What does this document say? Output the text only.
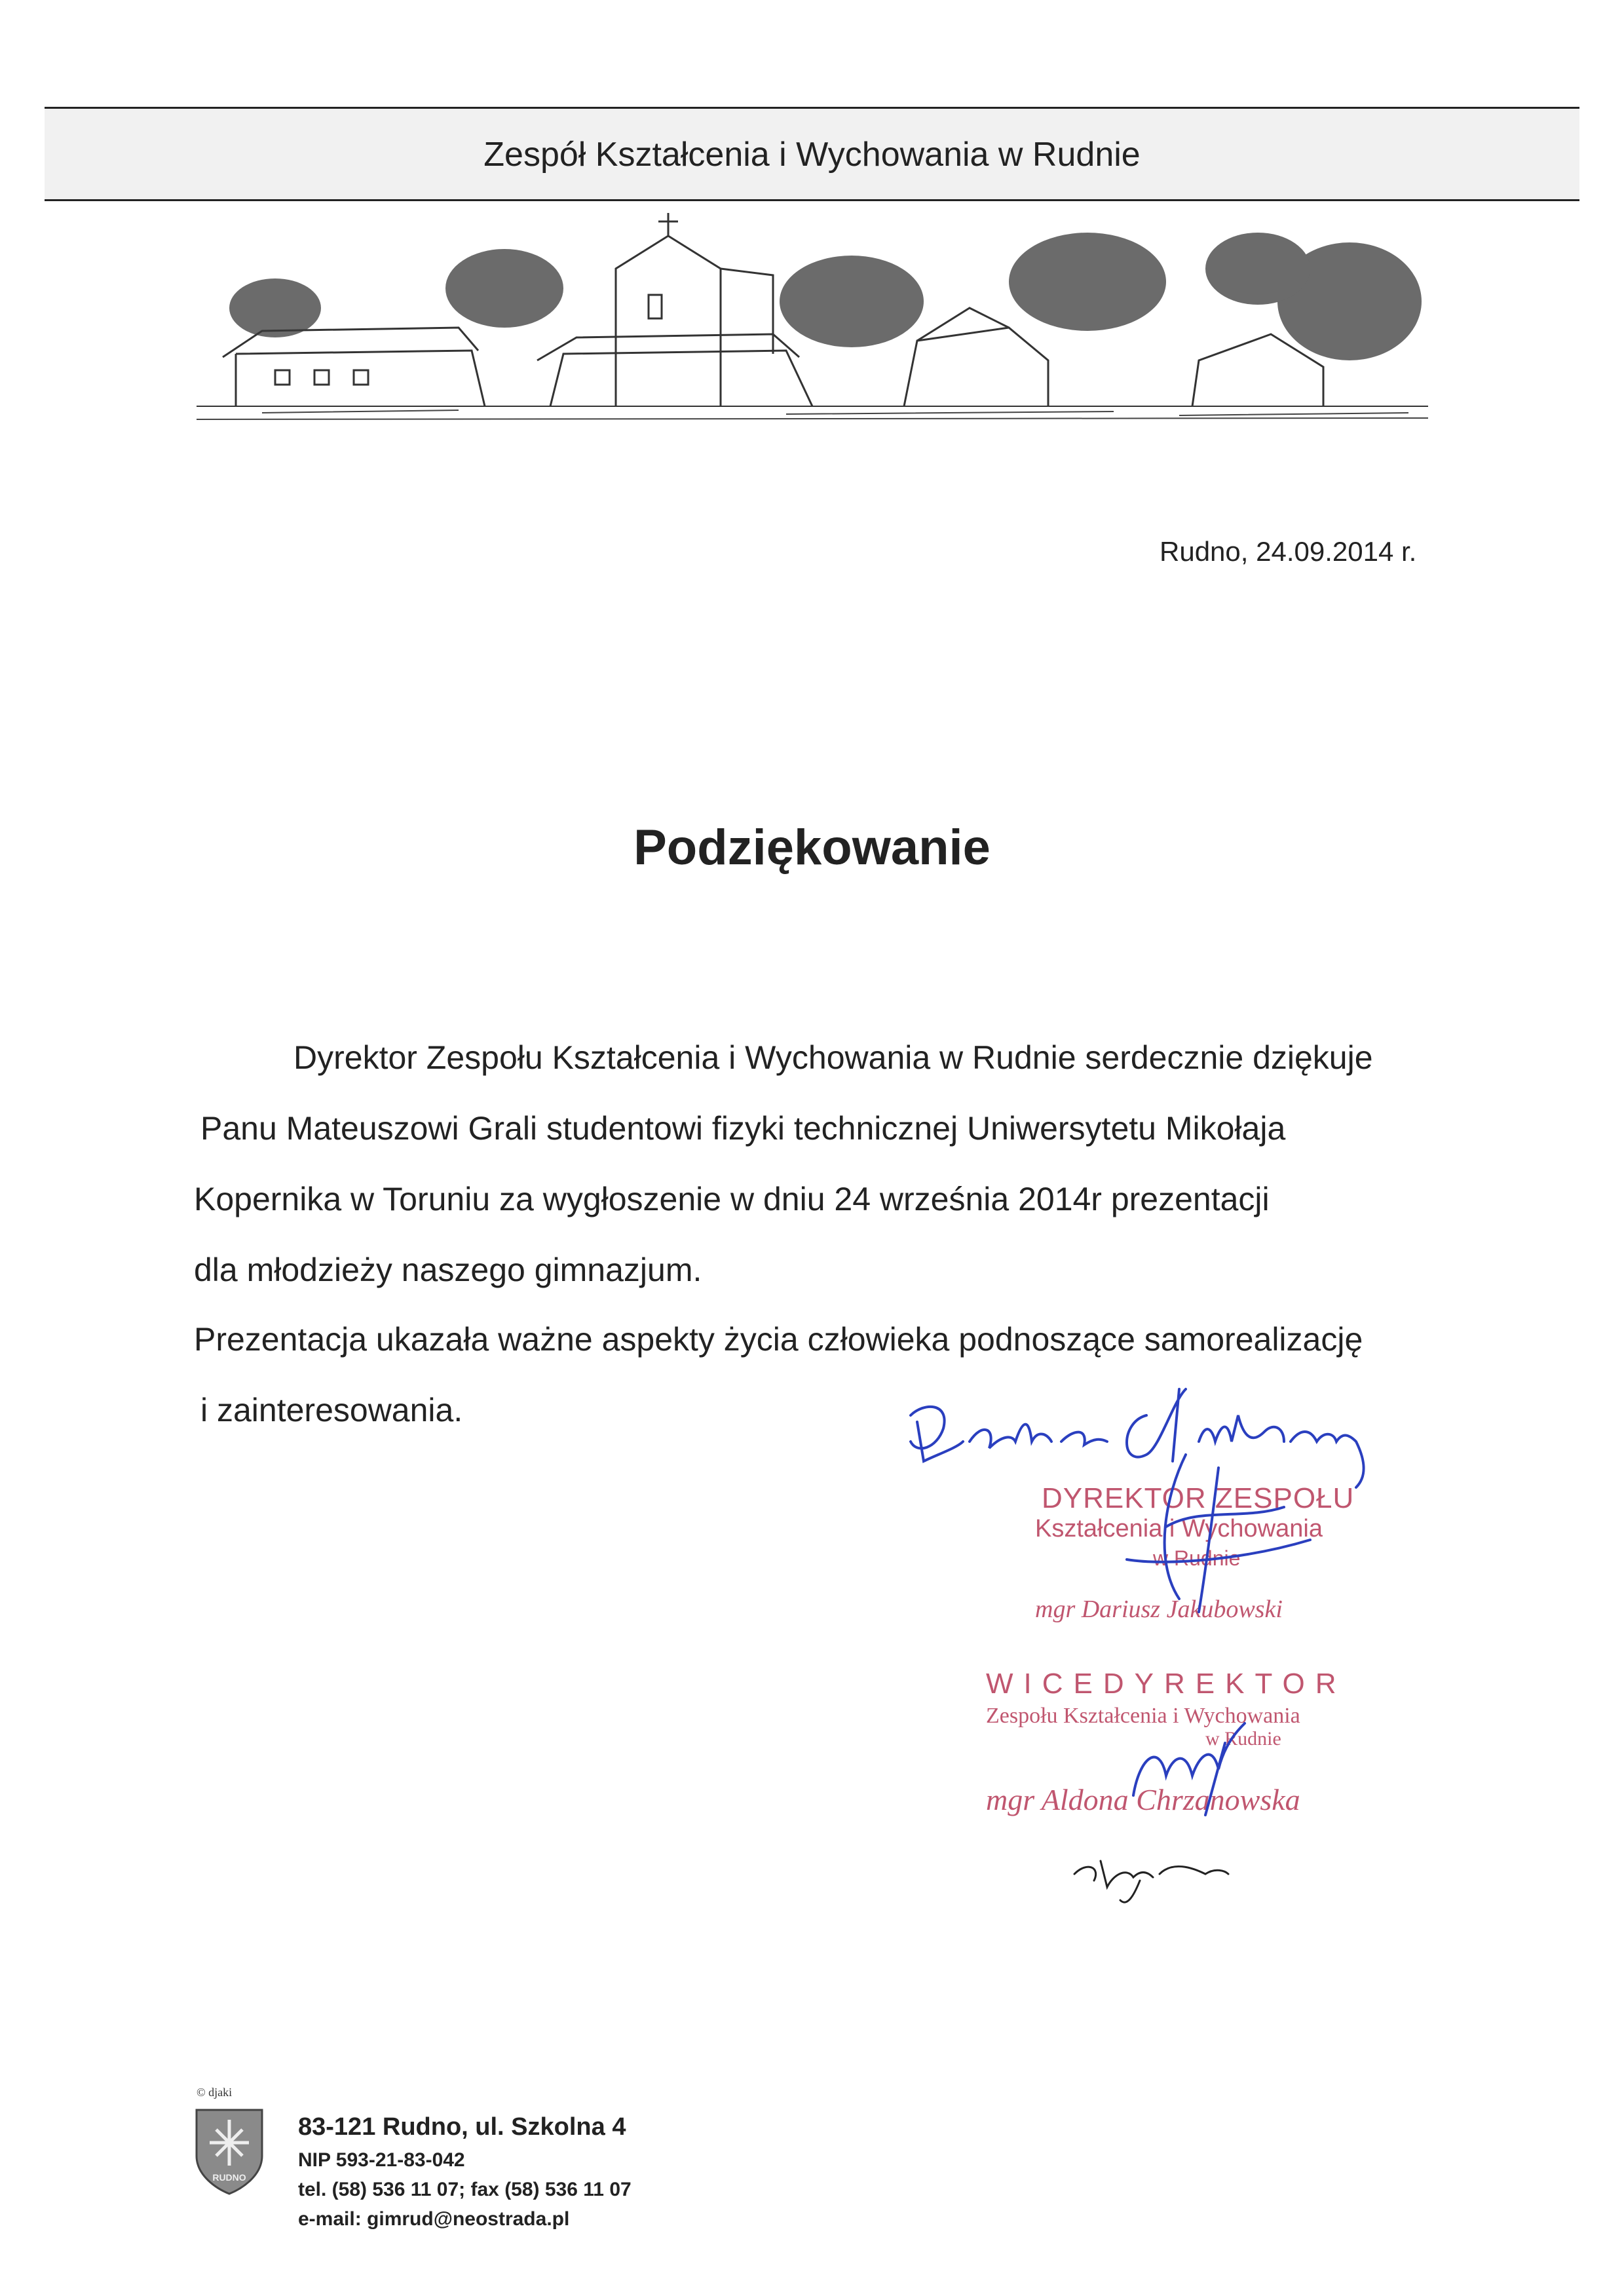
Zespół Kształcenia i Wychowania w Rudnie
Rudno, 24.09.2014 r.
Podziękowanie
Dyrektor Zespołu Kształcenia i Wychowania w Rudnie serdecznie dziękuje
Panu Mateuszowi Grali studentowi fizyki technicznej Uniwersytetu Mikołaja
Kopernika w Toruniu za wygłoszenie w dniu 24 września 2014r prezentacji
dla młodzieży naszego gimnazjum.
Prezentacja ukazała ważne aspekty życia człowieka podnoszące samorealizację
i zainteresowania.
DYREKTOR ZESPOŁU
Kształcenia i Wychowania
w Rudnie
mgr Dariusz Jakubowski
WICEDYREKTOR
Zespołu Kształcenia i Wychowania
w Rudnie
mgr Aldona Chrzanowska
© djaki
RUDNO
83-121 Rudno, ul. Szkolna 4
NIP 593-21-83-042
tel. (58) 536 11 07; fax (58) 536 11 07
e-mail: gimrud@neostrada.pl
